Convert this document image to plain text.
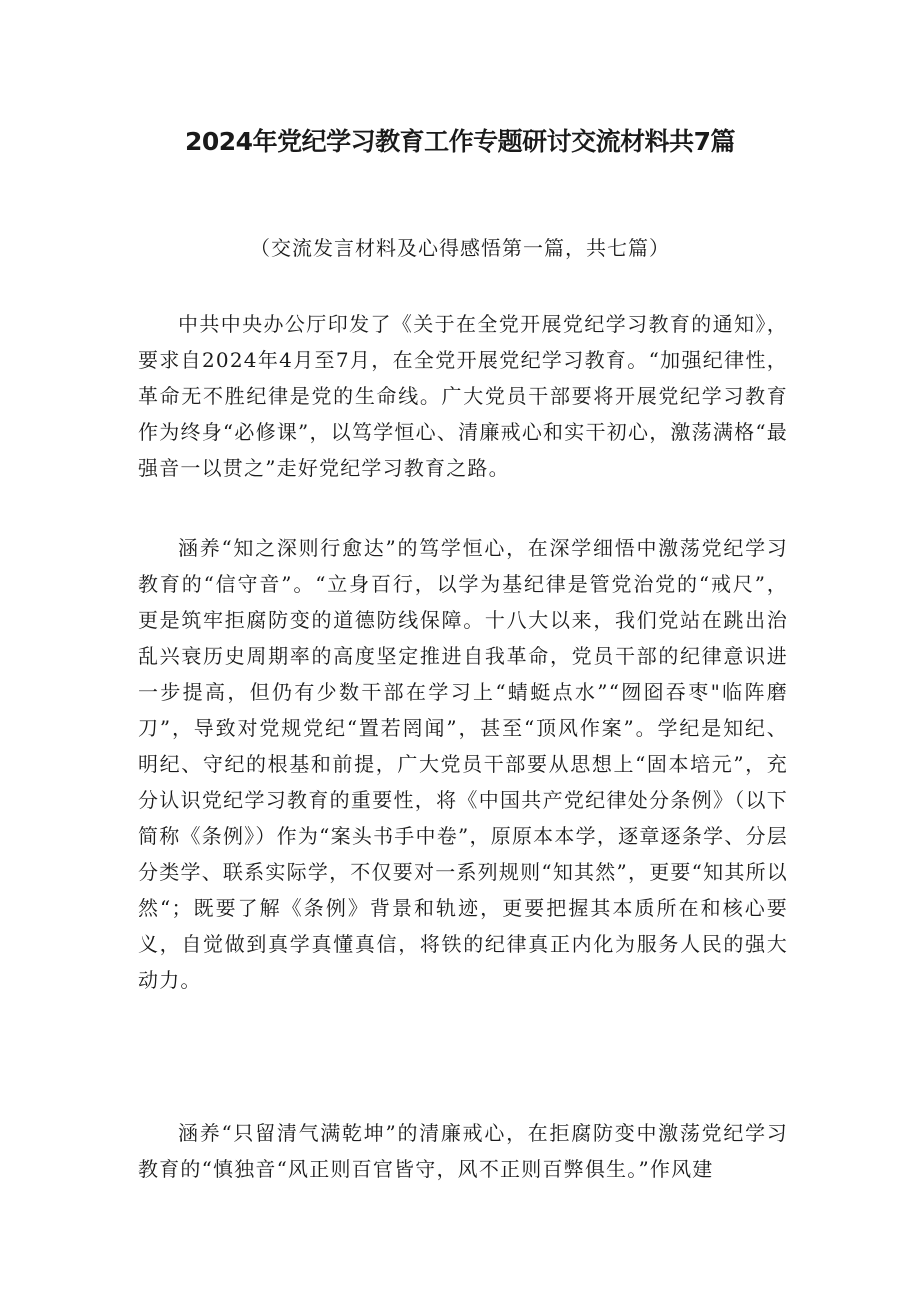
2024年党纪学习教育工作专题研讨交流材料共7篇
（交流发言材料及心得感悟第一篇，共七篇）

中共中央办公厅印发了《关于在全党开展党纪学习教育的通知》，要求自2024年4月至7月，在全党开展党纪学习教育。“加强纪律性，革命无不胜纪律是党的生命线。广大党员干部要将开展党纪学习教育作为终身“必修课”，以笃学恒心、清廉戒心和实干初心，激荡满格“最强音一以贯之”走好党纪学习教育之路。

涵养“知之深则行愈达”的笃学恒心，在深学细悟中激荡党纪学习教育的“信守音”。“立身百行，以学为基纪律是管党治党的“戒尺”，更是筑牢拒腐防变的道德防线保障。十八大以来，我们党站在跳出治乱兴衰历史周期率的高度坚定推进自我革命，党员干部的纪律意识进一步提高，但仍有少数干部在学习上“蜻蜓点水”“囫囵吞枣"临阵磨刀”，导致对党规党纪“置若罔闻”，甚至“顶风作案”。学纪是知纪、明纪、守纪的根基和前提，广大党员干部要从思想上“固本培元”，充分认识党纪学习教育的重要性，将《中国共产党纪律处分条例》（以下简称《条例》）作为“案头书手中卷”，原原本本学，逐章逐条学、分层分类学、联系实际学，不仅要对一系列规则“知其然”，更要“知其所以然“；既要了解《条例》背景和轨迹，更要把握其本质所在和核心要义，自觉做到真学真懂真信，将铁的纪律真正内化为服务人民的强大动力。

涵养“只留清气满乾坤”的清廉戒心，在拒腐防变中激荡党纪学习教育的“慎独音“风正则百官皆守，风不正则百弊俱生。”作风建
